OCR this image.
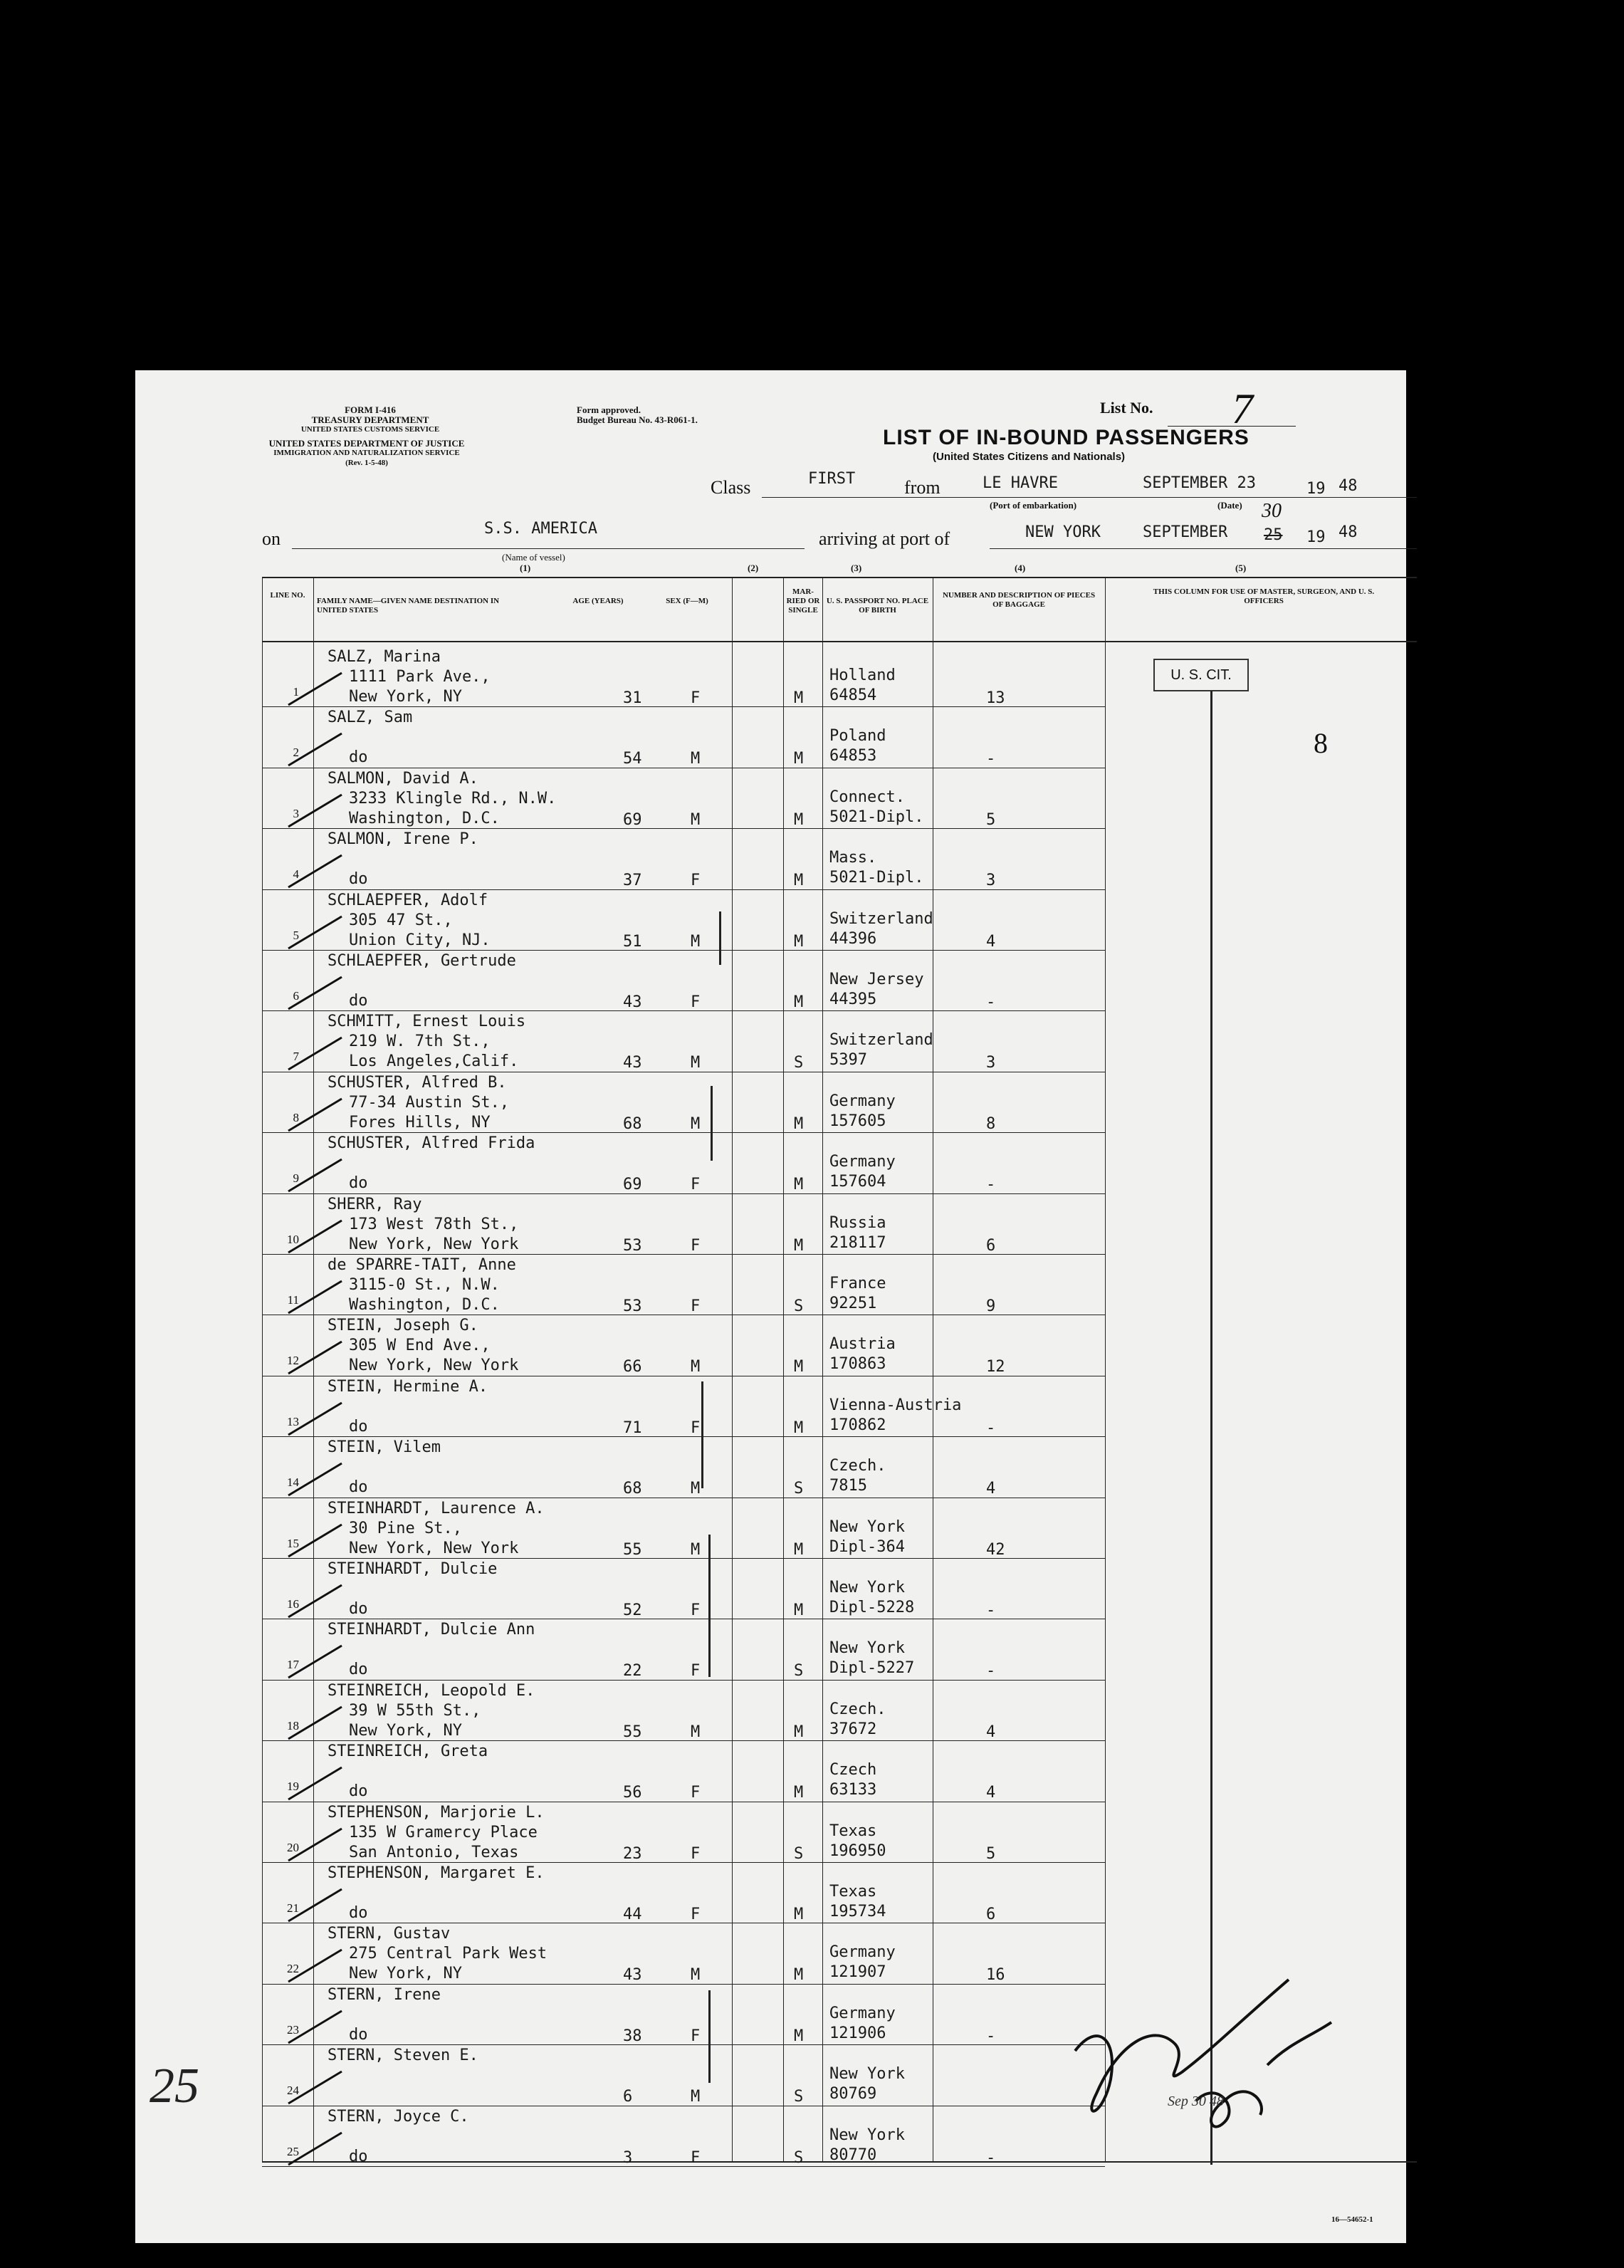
FORM I-416
TREASURY DEPARTMENT
UNITED STATES CUSTOMS SERVICE
UNITED STATES DEPARTMENT OF JUSTICE
IMMIGRATION AND NATURALIZATION SERVICE
(Rev. 1-5-48)
Form approved.
Budget Bureau No. 43-R061-1.
List No. 7
LIST OF IN-BOUND PASSENGERS
(United States Citizens and Nationals)
Class	FIRST	from	LE HAVRE	SEPTEMBER 23	19 48
(Port of embarkation)	(Date)
on	S.S. AMERICA
(Name of vessel)
(1)
arriving at port of	NEW YORK	SEPTEMBER 25
30
19 48
LINE NO.
FAMILY NAME—GIVEN NAME DESTINATION IN UNITED STATES
AGE (YEARS)	SEX (F—M)
MAR-RIED OR SINGLE
U. S. PASSPORT NO. PLACE OF BIRTH
NUMBER AND DESCRIPTION OF PIECES OF BAGGAGE
THIS COLUMN FOR USE OF MASTER, SURGEON, AND U. S. OFFICERS
(2)	(3)	(4)	(5)
U. S. CIT.
8
1
SALZ, Marina
1111 Park Ave.,
New York, NY	31	F	M
Holland
64854	13
2
SALZ, Sam
do	54	M	M
Poland
64853	-
3
SALMON, David A.
3233 Klingle Rd., N.W.
Washington, D.C.	69	M	M
Connect.
5021-Dipl.	5
4
SALMON, Irene P.
do	37	F	M
Mass.
5021-Dipl.	3
5
SCHLAEPFER, Adolf
305 47 St.,
Union City, NJ.	51	M	M
Switzerland
44396	4
6
SCHLAEPFER, Gertrude
do	43	F	M
New Jersey
44395	-
7
SCHMITT, Ernest Louis
219 W. 7th St.,
Los Angeles,Calif.	43	M	S
Switzerland
5397	3
8
SCHUSTER, Alfred B.
77-34 Austin St.,
Fores Hills, NY	68	M	M
Germany
157605	8
9
SCHUSTER, Alfred Frida
do	69	F	M
Germany
157604	-
10
SHERR, Ray
173 West 78th St.,
New York, New York	53	F	M
Russia
218117	6
11
de SPARRE-TAIT, Anne
3115-0 St., N.W.
Washington, D.C.	53	F	S
France
92251	9
12
STEIN, Joseph G.
305 W End Ave.,
New York, New York	66	M	M
Austria
170863	12
13
STEIN, Hermine A.
do	71	F	M
Vienna-Austria
170862	-
14
STEIN, Vilem
do	68	M	S
Czech.
7815	4
15
STEINHARDT, Laurence A.
30 Pine St.,
New York, New York	55	M	M
New York
Dipl-364	42
16
STEINHARDT, Dulcie
do	52	F	M
New York
Dipl-5228	-
17
STEINHARDT, Dulcie Ann
do	22	F	S
New York
Dipl-5227	-
18
STEINREICH, Leopold E.
39 W 55th St.,
New York, NY	55	M	M
Czech.
37672	4
19
STEINREICH, Greta
do	56	F	M
Czech
63133	4
20
STEPHENSON, Marjorie L.
135 W Gramercy Place
San Antonio, Texas	23	F	S
Texas
196950	5
21
STEPHENSON, Margaret E.
do	44	F	M
Texas
195734	6
22
STERN, Gustav
275 Central Park West
New York, NY	43	M	M
Germany
121907	16
23
STERN, Irene
do	38	F	M
Germany
121906	-
24
STERN, Steven E.
6	M	S
New York
80769
25
STERN, Joyce C.
do	3	F	S
New York
80770	-
Sep 30 48
25
16—54652-1
